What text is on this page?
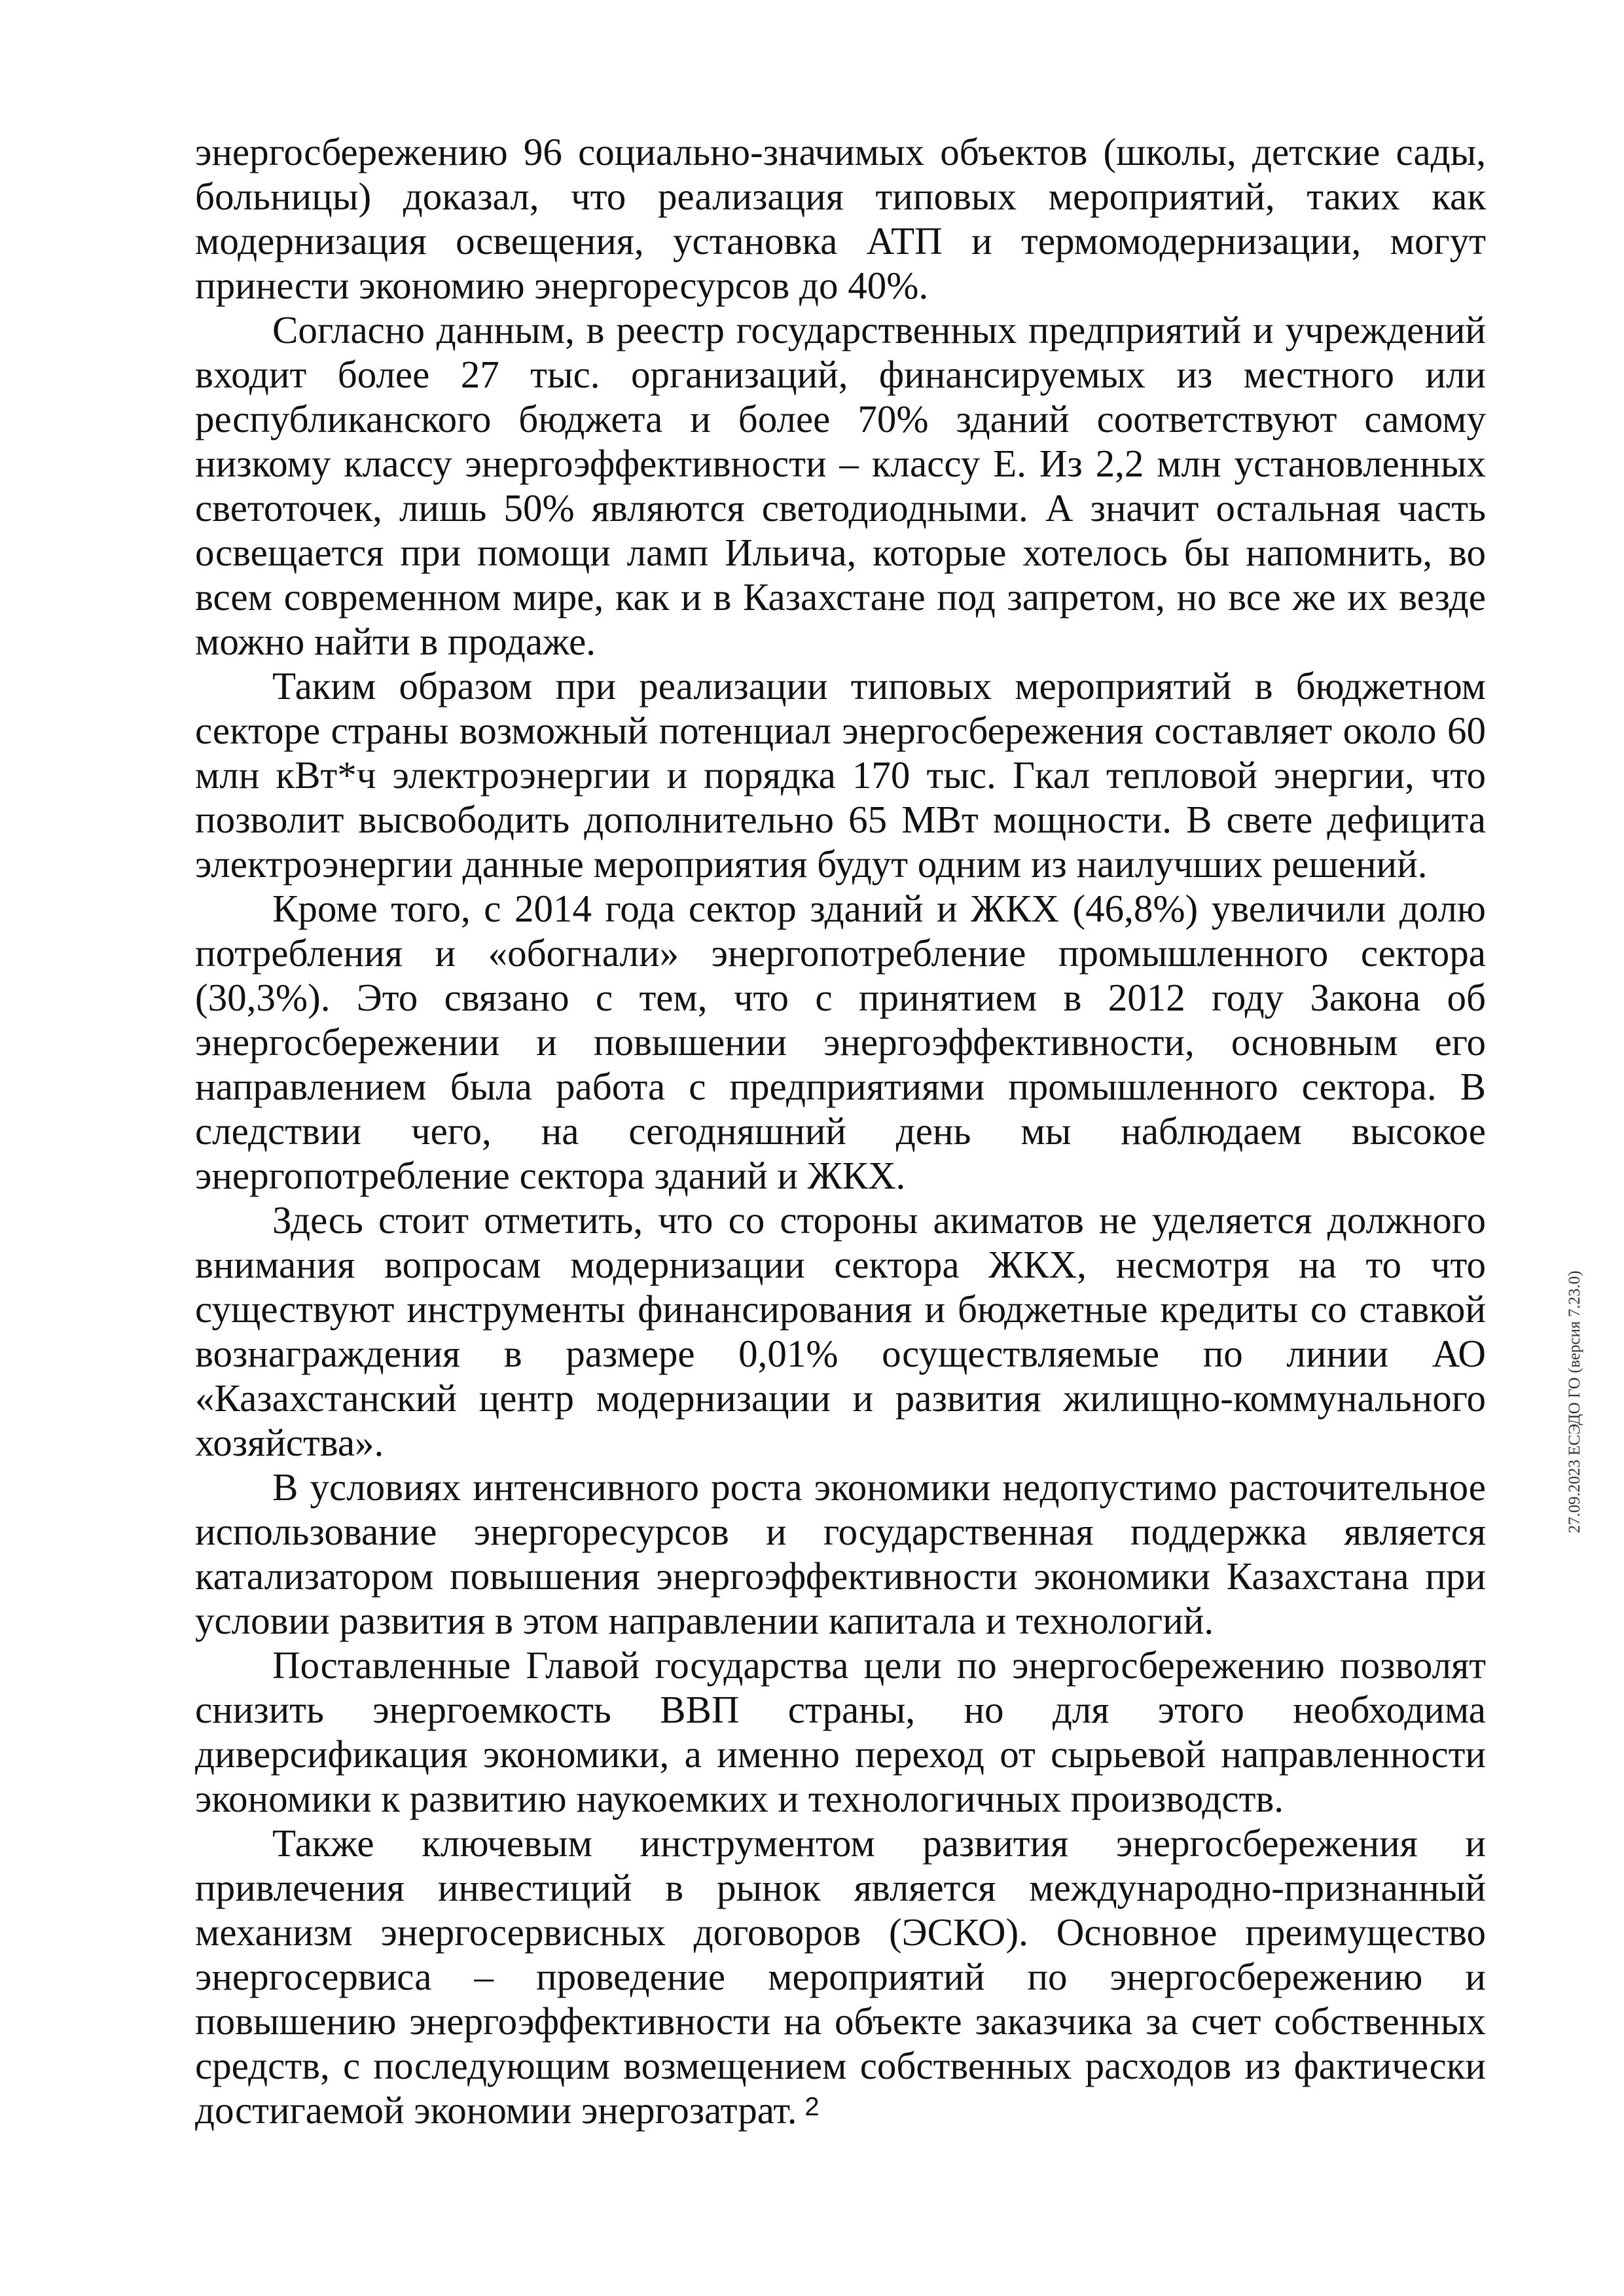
энергосбережению 96 социально-значимых объектов (школы, детские сады, больницы) доказал, что реализация типовых мероприятий, таких как модернизация освещения, установка АТП и термомодернизации, могут принести экономию энергоресурсов до 40%.

Согласно данным, в реестр государственных предприятий и учреждений входит более 27 тыс. организаций, финансируемых из местного или республиканского бюджета и более 70% зданий соответствуют самому низкому классу энергоэффективности – классу Е. Из 2,2 млн установленных светоточек, лишь 50% являются светодиодными. А значит остальная часть освещается при помощи ламп Ильича, которые хотелось бы напомнить, во всем современном мире, как и в Казахстане под запретом, но все же их везде можно найти в продаже.

Таким образом при реализации типовых мероприятий в бюджетном секторе страны возможный потенциал энергосбережения составляет около 60 млн кВт*ч электроэнергии и порядка 170 тыс. Гкал тепловой энергии, что позволит высвободить дополнительно 65 МВт мощности. В свете дефицита электроэнергии данные мероприятия будут одним из наилучших решений.

Кроме того, с 2014 года сектор зданий и ЖКХ (46,8%) увеличили долю потребления и «обогнали» энергопотребление промышленного сектора (30,3%). Это связано с тем, что с принятием в 2012 году Закона об энергосбережении и повышении энергоэффективности, основным его направлением была работа с предприятиями промышленного сектора. В следствии чего, на сегодняшний день мы наблюдаем высокое энергопотребление сектора зданий и ЖКХ.

Здесь стоит отметить, что со стороны акиматов не уделяется должного внимания вопросам модернизации сектора ЖКХ, несмотря на то что существуют инструменты финансирования и бюджетные кредиты со ставкой вознаграждения в размере 0,01% осуществляемые по линии АО «Казахстанский центр модернизации и развития жилищно-коммунального хозяйства».

В условиях интенсивного роста экономики недопустимо расточительное использование энергоресурсов и государственная поддержка является катализатором повышения энергоэффективности экономики Казахстана при условии развития в этом направлении капитала и технологий.

Поставленные Главой государства цели по энергосбережению позволят снизить энергоемкость ВВП страны, но для этого необходима диверсификация экономики, а именно переход от сырьевой направленности экономики к развитию наукоемких и технологичных производств.

Также ключевым инструментом развития энергосбережения и привлечения инвестиций в рынок является международно-признанный механизм энергосервисных договоров (ЭСКО). Основное преимущество энергосервиса – проведение мероприятий по энергосбережению и повышению энергоэффективности на объекте заказчика за счет собственных средств, с последующим возмещением собственных расходов из фактически достигаемой экономии энергозатрат. 2
27.09.2023 ЕСЭДО ГО (версия 7.23.0)
